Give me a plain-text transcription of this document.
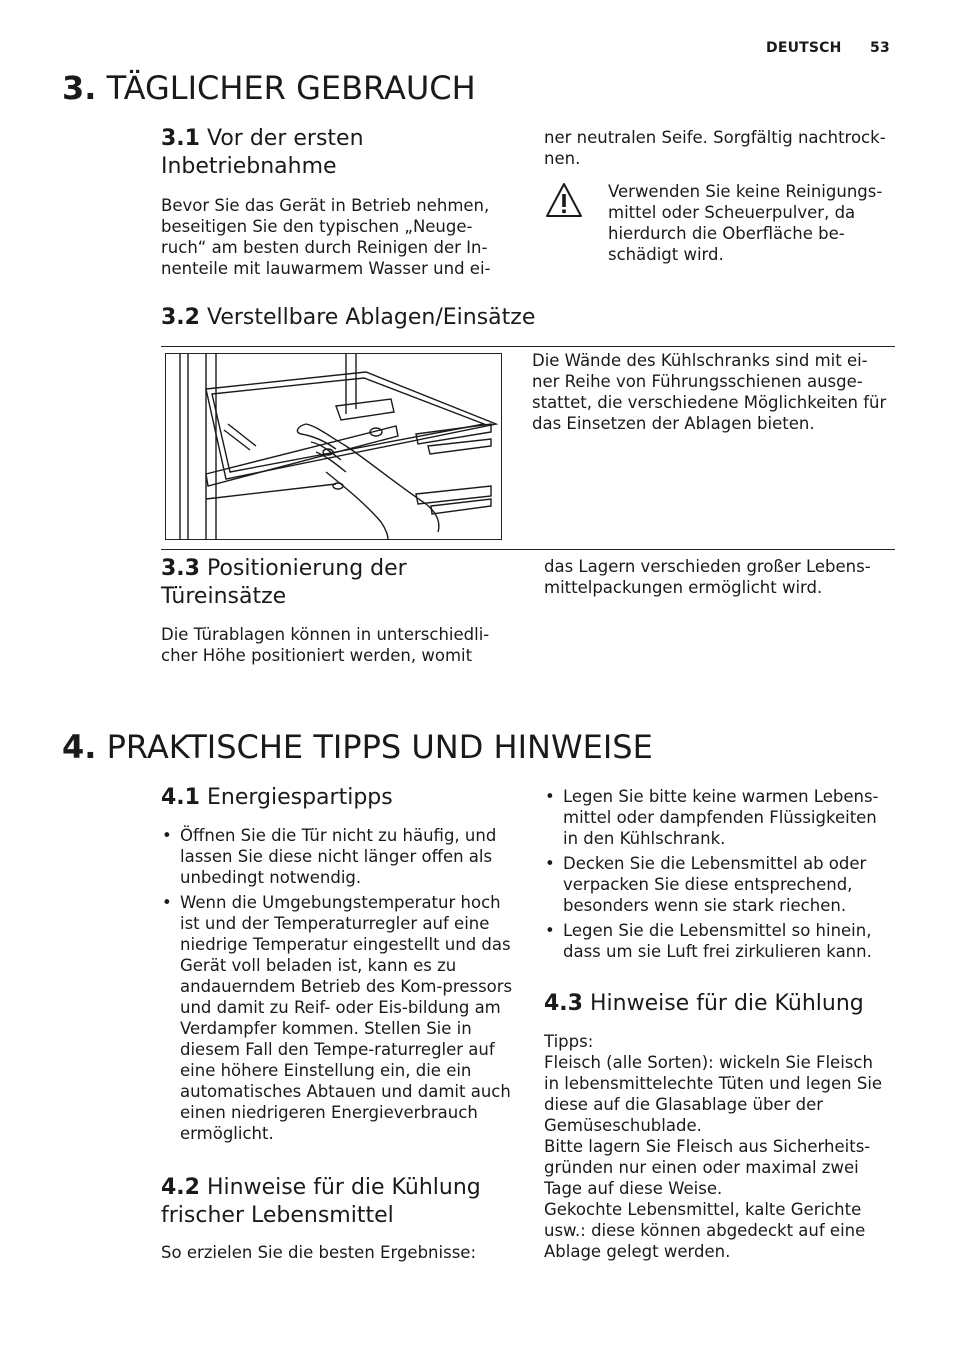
DEUTSCH 53
3. TÄGLICHER GEBRAUCH
3.1 Vor der ersten
Inbetriebnahme
Bevor Sie das Gerät in Betrieb nehmen, beseitigen Sie den typischen „Neuge-ruch“ am besten durch Reinigen der In-nenteile mit lauwarmem Wasser und ei-
ner neutralen Seife. Sorgfältig nachtrock-nen.
Verwenden Sie keine Reinigungs-mittel oder Scheuerpulver, da hierdurch die Oberfläche be-schädigt wird.
3.2 Verstellbare Ablagen/Einsätze
Die Wände des Kühlschranks sind mit ei-ner Reihe von Führungsschienen ausge-stattet, die verschiedene Möglichkeiten für das Einsetzen der Ablagen bieten.
3.3 Positionierung der
Türeinsätze
Die Türablagen können in unterschiedli-cher Höhe positioniert werden, womit
das Lagern verschieden großer Lebens-mittelpackungen ermöglicht wird.
4. PRAKTISCHE TIPPS UND HINWEISE
4.1 Energiespartipps
• Öffnen Sie die Tür nicht zu häufig, und lassen Sie diese nicht länger offen als unbedingt notwendig.
• Wenn die Umgebungstemperatur hoch ist und der Temperaturregler auf eine niedrige Temperatur eingestellt und das Gerät voll beladen ist, kann es zu andauerndem Betrieb des Kom-pressors und damit zu Reif- oder Eis-bildung am Verdampfer kommen. Stellen Sie in diesem Fall den Tempe-raturregler auf eine höhere Einstellung ein, die ein automatisches Abtauen und damit auch einen niedrigeren Energieverbrauch ermöglicht.
4.2 Hinweise für die Kühlung
frischer Lebensmittel
So erzielen Sie die besten Ergebnisse:
• Legen Sie bitte keine warmen Lebens-mittel oder dampfenden Flüssigkeiten in den Kühlschrank.
• Decken Sie die Lebensmittel ab oder verpacken Sie diese entsprechend, besonders wenn sie stark riechen.
• Legen Sie die Lebensmittel so hinein, dass um sie Luft frei zirkulieren kann.
4.3 Hinweise für die Kühlung
Tipps:
Fleisch (alle Sorten): wickeln Sie Fleisch in lebensmittelechte Tüten und legen Sie diese auf die Glasablage über der Gemüseschublade.
Bitte lagern Sie Fleisch aus Sicherheits-gründen nur einen oder maximal zwei Tage auf diese Weise.
Gekochte Lebensmittel, kalte Gerichte usw.: diese können abgedeckt auf eine Ablage gelegt werden.
